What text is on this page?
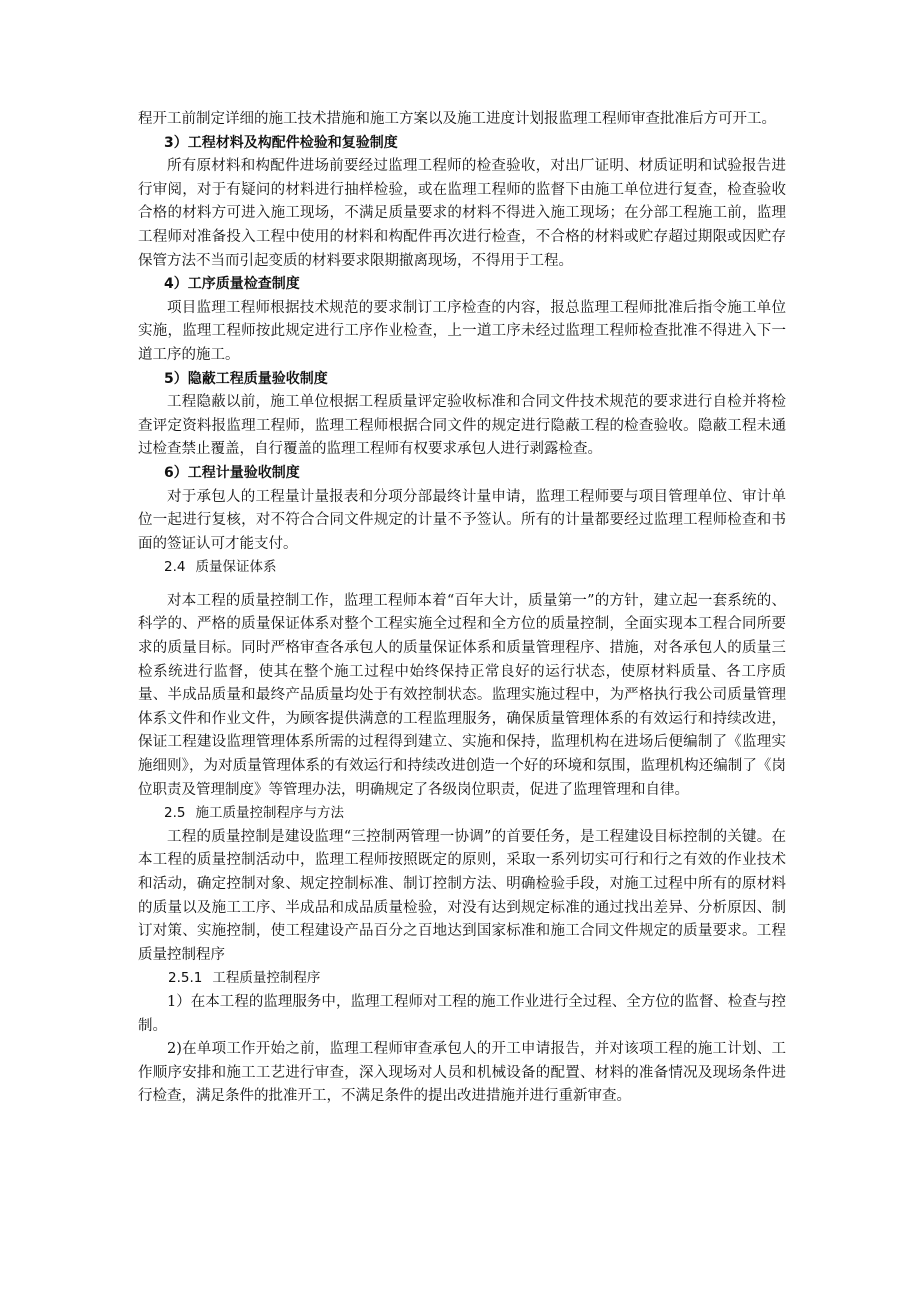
程开工前制定详细的施工技术措施和施工方案以及施工进度计划报监理工程师审查批准后方可开工。

3）工程材料及构配件检验和复验制度

所有原材料和构配件进场前要经过监理工程师的检查验收，对出厂证明、材质证明和试验报告进行审阅，对于有疑问的材料进行抽样检验，或在监理工程师的监督下由施工单位进行复查，检查验收合格的材料方可进入施工现场，不满足质量要求的材料不得进入施工现场；在分部工程施工前，监理工程师对准备投入工程中使用的材料和构配件再次进行检查，不合格的材料或贮存超过期限或因贮存保管方法不当而引起变质的材料要求限期撤离现场，不得用于工程。

4）工序质量检查制度

项目监理工程师根据技术规范的要求制订工序检查的内容，报总监理工程师批准后指令施工单位实施，监理工程师按此规定进行工序作业检查，上一道工序未经过监理工程师检查批准不得进入下一道工序的施工。

5）隐蔽工程质量验收制度

工程隐蔽以前，施工单位根据工程质量评定验收标准和合同文件技术规范的要求进行自检并将检查评定资料报监理工程师，监理工程师根据合同文件的规定进行隐蔽工程的检查验收。隐蔽工程未通过检查禁止覆盖，自行覆盖的监理工程师有权要求承包人进行剥露检查。

6）工程计量验收制度

对于承包人的工程量计量报表和分项分部最终计量申请，监理工程师要与项目管理单位、审计单位一起进行复核，对不符合合同文件规定的计量不予签认。所有的计量都要经过监理工程师检查和书面的签证认可才能支付。

2.4 质量保证体系

对本工程的质量控制工作，监理工程师本着“百年大计，质量第一”的方针，建立起一套系统的、科学的、严格的质量保证体系对整个工程实施全过程和全方位的质量控制，全面实现本工程合同所要求的质量目标。同时严格审查各承包人的质量保证体系和质量管理程序、措施，对各承包人的质量三检系统进行监督，使其在整个施工过程中始终保持正常良好的运行状态，使原材料质量、各工序质量、半成品质量和最终产品质量均处于有效控制状态。监理实施过程中，为严格执行我公司质量管理体系文件和作业文件，为顾客提供满意的工程监理服务，确保质量管理体系的有效运行和持续改进，保证工程建设监理管理体系所需的过程得到建立、实施和保持，监理机构在进场后便编制了《监理实施细则》，为对质量管理体系的有效运行和持续改进创造一个好的环境和氛围，监理机构还编制了《岗位职责及管理制度》等管理办法，明确规定了各级岗位职责，促进了监理管理和自律。

2.5 施工质量控制程序与方法

工程的质量控制是建设监理“三控制两管理一协调”的首要任务，是工程建设目标控制的关键。在本工程的质量控制活动中，监理工程师按照既定的原则，采取一系列切实可行和行之有效的作业技术和活动，确定控制对象、规定控制标准、制订控制方法、明确检验手段，对施工过程中所有的原材料的质量以及施工工序、半成品和成品质量检验，对没有达到规定标准的通过找出差异、分析原因、制订对策、实施控制，使工程建设产品百分之百地达到国家标准和施工合同文件规定的质量要求。工程质量控制程序

2.5.1 工程质量控制程序

1）在本工程的监理服务中，监理工程师对工程的施工作业进行全过程、全方位的监督、检查与控制。

2)在单项工作开始之前，监理工程师审查承包人的开工申请报告，并对该项工程的施工计划、工作顺序安排和施工工艺进行审查，深入现场对人员和机械设备的配置、材料的准备情况及现场条件进行检查，满足条件的批准开工，不满足条件的提出改进措施并进行重新审查。
